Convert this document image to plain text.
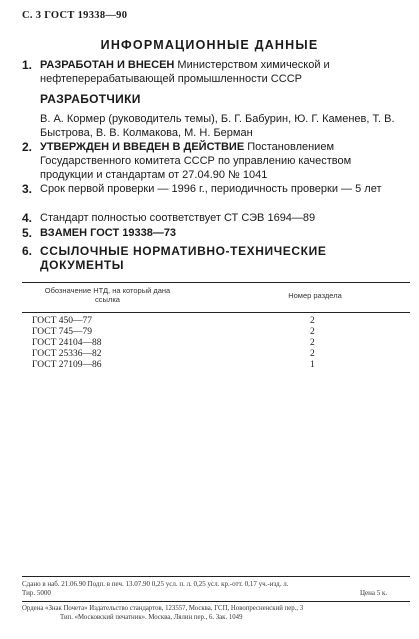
С. 3 ГОСТ 19338—90
ИНФОРМАЦИОННЫЕ ДАННЫЕ
1. РАЗРАБОТАН И ВНЕСЕН Министерством химической и нефтеперерабатывающей промышленности СССР
РАЗРАБОТЧИКИ
В. А. Кормер (руководитель темы), Б. Г. Бабурин, Ю. Г. Каменев, Т. В. Быстрова, В. В. Колмакова, М. Н. Берман
2. УТВЕРЖДЕН И ВВЕДЕН В ДЕЙСТВИЕ Постановлением Государственного комитета СССР по управлению качеством продукции и стандартам от 27.04.90 № 1041
3. Срок первой проверки — 1996 г., периодичность проверки — 5 лет
4. Стандарт полностью соответствует СТ СЭВ 1694—89
5. ВЗАМЕН ГОСТ 19338—73
6. ССЫЛОЧНЫЕ НОРМАТИВНО-ТЕХНИЧЕСКИЕ ДОКУМЕНТЫ
Обозначение НТД, на который дана ссылка	Номер раздела
ГОСТ 450—77	2
ГОСТ 745—79	2
ГОСТ 24104—88	2
ГОСТ 25336—82	2
ГОСТ 27109—86	1
Сдано в наб. 21.06.90 Подп. в печ. 13.07.90 0,25 усл. п. л. 0,25 усл. кр.-отт. 0,17 уч.-изд. л.
Тир. 5000	Цена 5 к.
Ордена «Знак Почета» Издательство стандартов, 123557, Москва, ГСП, Новопресненский пер., 3
Тип. «Московский печатник». Москва, Лялин пер., 6. Зак. 1049
